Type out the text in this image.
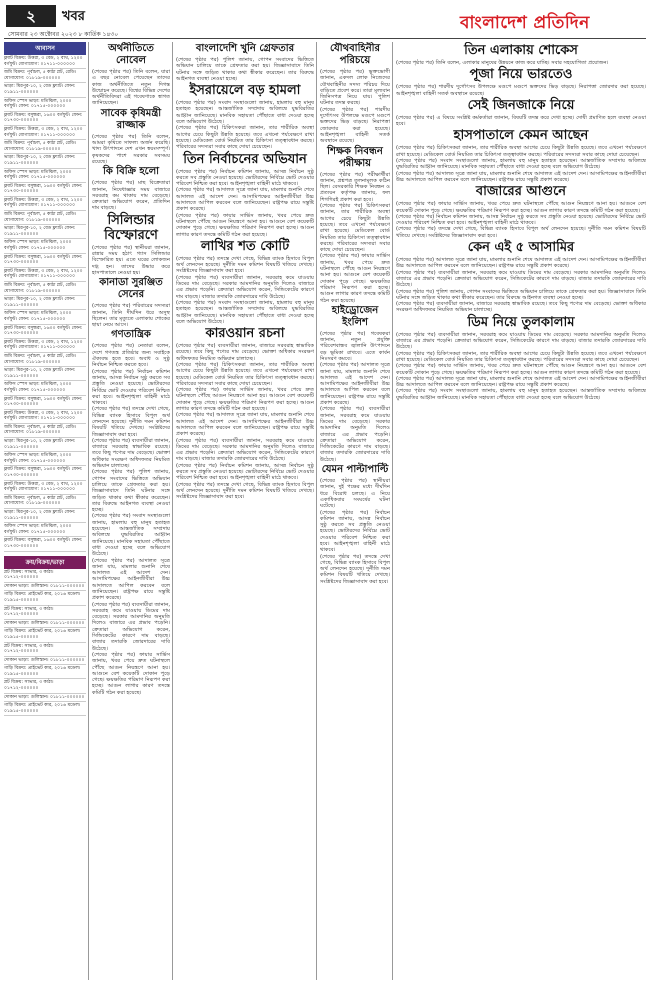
২	খবর	বাংলাদেশ প্রতিদিন
সোমবার ২৩ অক্টোবর ২০২৩ ৮ কার্তিক ১৪৩০
আবাসন
ফ্ল্যাট বিক্রয়: উত্তরা, ৩ বেড, ২ বাথ, ১২০০ বর্গফুট। যোগাযোগ: ০১৭১১-০০০০০০
জমি বিক্রয়: পূর্বাচল, ৫ কাঠা প্লট, রেডি। যোগাযোগ: ০১৮১৯-০০০০০০
ভাড়া: মিরপুর-১০, ২ বেড ফ্ল্যাট। ফোন: ০১৯১১-০০০০০০
অফিস স্পেস ভাড়া: মতিঝিল, ২০০০ বর্গফুট। ফোন: ০১৭১৫-০০০০০০
ফ্ল্যাট বিক্রয়: বসুন্ধরা, ১৬০০ বর্গফুট। ফোন: ০১৭৩০-০০০০০০
ফ্ল্যাট বিক্রয়: উত্তরা, ৩ বেড, ২ বাথ, ১২০০ বর্গফুট। যোগাযোগ: ০১৭১১-০০০০০০
জমি বিক্রয়: পূর্বাচল, ৫ কাঠা প্লট, রেডি। যোগাযোগ: ০১৮১৯-০০০০০০
ভাড়া: মিরপুর-১০, ২ বেড ফ্ল্যাট। ফোন: ০১৯১১-০০০০০০
অফিস স্পেস ভাড়া: মতিঝিল, ২০০০ বর্গফুট। ফোন: ০১৭১৫-০০০০০০
ফ্ল্যাট বিক্রয়: বসুন্ধরা, ১৬০০ বর্গফুট। ফোন: ০১৭৩০-০০০০০০
ফ্ল্যাট বিক্রয়: উত্তরা, ৩ বেড, ২ বাথ, ১২০০ বর্গফুট। যোগাযোগ: ০১৭১১-০০০০০০
জমি বিক্রয়: পূর্বাচল, ৫ কাঠা প্লট, রেডি। যোগাযোগ: ০১৮১৯-০০০০০০
ভাড়া: মিরপুর-১০, ২ বেড ফ্ল্যাট। ফোন: ০১৯১১-০০০০০০
অফিস স্পেস ভাড়া: মতিঝিল, ২০০০ বর্গফুট। ফোন: ০১৭১৫-০০০০০০
ফ্ল্যাট বিক্রয়: বসুন্ধরা, ১৬০০ বর্গফুট। ফোন: ০১৭৩০-০০০০০০
ফ্ল্যাট বিক্রয়: উত্তরা, ৩ বেড, ২ বাথ, ১২০০ বর্গফুট। যোগাযোগ: ০১৭১১-০০০০০০
জমি বিক্রয়: পূর্বাচল, ৫ কাঠা প্লট, রেডি। যোগাযোগ: ০১৮১৯-০০০০০০
ভাড়া: মিরপুর-১০, ২ বেড ফ্ল্যাট। ফোন: ০১৯১১-০০০০০০
অফিস স্পেস ভাড়া: মতিঝিল, ২০০০ বর্গফুট। ফোন: ০১৭১৫-০০০০০০
ফ্ল্যাট বিক্রয়: বসুন্ধরা, ১৬০০ বর্গফুট। ফোন: ০১৭৩০-০০০০০০
ফ্ল্যাট বিক্রয়: উত্তরা, ৩ বেড, ২ বাথ, ১২০০ বর্গফুট। যোগাযোগ: ০১৭১১-০০০০০০
জমি বিক্রয়: পূর্বাচল, ৫ কাঠা প্লট, রেডি। যোগাযোগ: ০১৮১৯-০০০০০০
ভাড়া: মিরপুর-১০, ২ বেড ফ্ল্যাট। ফোন: ০১৯১১-০০০০০০
অফিস স্পেস ভাড়া: মতিঝিল, ২০০০ বর্গফুট। ফোন: ০১৭১৫-০০০০০০
ফ্ল্যাট বিক্রয়: বসুন্ধরা, ১৬০০ বর্গফুট। ফোন: ০১৭৩০-০০০০০০
ফ্ল্যাট বিক্রয়: উত্তরা, ৩ বেড, ২ বাথ, ১২০০ বর্গফুট। যোগাযোগ: ০১৭১১-০০০০০০
জমি বিক্রয়: পূর্বাচল, ৫ কাঠা প্লট, রেডি। যোগাযোগ: ০১৮১৯-০০০০০০
ভাড়া: মিরপুর-১০, ২ বেড ফ্ল্যাট। ফোন: ০১৯১১-০০০০০০
অফিস স্পেস ভাড়া: মতিঝিল, ২০০০ বর্গফুট। ফোন: ০১৭১৫-০০০০০০
ফ্ল্যাট বিক্রয়: বসুন্ধরা, ১৬০০ বর্গফুট। ফোন: ০১৭৩০-০০০০০০
ফ্ল্যাট বিক্রয়: উত্তরা, ৩ বেড, ২ বাথ, ১২০০ বর্গফুট। যোগাযোগ: ০১৭১১-০০০০০০
জমি বিক্রয়: পূর্বাচল, ৫ কাঠা প্লট, রেডি। যোগাযোগ: ০১৮১৯-০০০০০০
ভাড়া: মিরপুর-১০, ২ বেড ফ্ল্যাট। ফোন: ০১৯১১-০০০০০০
অফিস স্পেস ভাড়া: মতিঝিল, ২০০০ বর্গফুট। ফোন: ০১৭১৫-০০০০০০
ফ্ল্যাট বিক্রয়: বসুন্ধরা, ১৬০০ বর্গফুট। ফোন: ০১৭৩০-০০০০০০
ক্রয়/বিক্রয়/ভাড়া
প্লট বিক্রয়: সাভার, ৩ কাঠা। ০১৭১২-০০০০০০
দোকান ভাড়া: গুলিস্তান। ০১৮১১-০০০০০০
গাড়ি বিক্রয়: প্রাইভেট কার, ২০১৬ মডেল। ০১৯১৫-০০০০০০
প্লট বিক্রয়: সাভার, ৩ কাঠা। ০১৭১২-০০০০০০
দোকান ভাড়া: গুলিস্তান। ০১৮১১-০০০০০০
গাড়ি বিক্রয়: প্রাইভেট কার, ২০১৬ মডেল। ০১৯১৫-০০০০০০
প্লট বিক্রয়: সাভার, ৩ কাঠা। ০১৭১২-০০০০০০
দোকান ভাড়া: গুলিস্তান। ০১৮১১-০০০০০০
গাড়ি বিক্রয়: প্রাইভেট কার, ২০১৬ মডেল। ০১৯১৫-০০০০০০
প্লট বিক্রয়: সাভার, ৩ কাঠা। ০১৭১২-০০০০০০
দোকান ভাড়া: গুলিস্তান। ০১৮১১-০০০০০০
গাড়ি বিক্রয়: প্রাইভেট কার, ২০১৬ মডেল। ০১৯১৫-০০০০০০
অর্থনীতিতে নোবেল
(শেষের পৃষ্ঠার পর) তিনি বলেন, যারা এ বছর নোবেল পেয়েছেন তাদের কাজ অর্থনীতিতে নতুন দিগন্ত উন্মোচন করেছে। বিশ্বের বিভিন্ন দেশের অর্থনীতিবিদরা এই গবেষণাকে স্বাগত জানিয়েছেন।
সাবেক কৃষিমন্ত্রী রাজ্জাক
(শেষের পৃষ্ঠার পর) তিনি বলেন, আমরা কৃষিতে সাফল্য অর্জন করেছি। খাদ্য উৎপাদনে দেশ এখন স্বয়ংসম্পূর্ণ। কৃষকদের পাশে সরকার সবসময় রয়েছে।
কি বিক্রি হলো
(শেষের পৃষ্ঠার পর) মাছ বিক্রেতারা জানান, নিষেধাজ্ঞার সময় বাজারে সরবরাহ কম থাকায় দাম বেড়েছে। ক্রেতারা অভিযোগ করেন, প্রতিদিন দাম বাড়ছে।
সিলিন্ডার বিস্ফোরণে
(শেষের পৃষ্ঠার পর) স্থানীয়রা জানান, রান্নার সময় হঠাৎ গ্যাস সিলিন্ডার বিস্ফোরিত হয়। এতে ঘরের লোকজন দগ্ধ হন। তাদের উদ্ধার করে হাসপাতালে নেওয়া হয়।
কানাডা সুরঞ্জিত সেনের
(শেষের পৃষ্ঠার পর) পরিবারের সদস্যরা জানান, তিনি দীর্ঘদিন ধরে অসুস্থ ছিলেন। তার মৃত্যুতে এলাকায় শোকের ছায়া নেমে আসে।
গণতান্ত্রিক
(শেষের পৃষ্ঠার পর) নেতারা বলেন, দেশে গণতন্ত্র প্রতিষ্ঠার জন্য সবাইকে ঐক্যবদ্ধ হতে হবে। অবাধ ও সুষ্ঠু নির্বাচন নিশ্চিত করতে হবে।
(শেষের পৃষ্ঠার পর) নির্বাচন কমিশন জানায়, আসন্ন নির্বাচন সুষ্ঠু করতে সব প্রস্তুতি নেওয়া হয়েছে। ভোটারদের নির্বিঘ্নে ভোট দেওয়ার পরিবেশ নিশ্চিত করা হবে। আইনশৃঙ্খলা বাহিনী মাঠে থাকবে।
(শেষের পৃষ্ঠার পর) তদন্তে দেখা গেছে, বিভিন্ন ব্যাংক হিসাবে বিপুল অর্থ লেনদেন হয়েছে। দুর্নীতি দমন কমিশন বিষয়টি খতিয়ে দেখছে। সংশ্লিষ্টদের জিজ্ঞাসাবাদ করা হবে।
(শেষের পৃষ্ঠার পর) ব্যবসায়ীরা জানান, বাজারে সরবরাহ স্বাভাবিক রয়েছে। তবে কিছু পণ্যের দাম বেড়েছে। ভোক্তা অধিকার সংরক্ষণ অধিদফতর নিয়মিত অভিযান চালাচ্ছে।
(শেষের পৃষ্ঠার পর) পুলিশ জানায়, গোপন সংবাদের ভিত্তিতে অভিযান চালিয়ে তাকে গ্রেফতার করা হয়। জিজ্ঞাসাবাদে তিনি ঘটনার সঙ্গে জড়িত থাকার কথা স্বীকার করেছেন। তার বিরুদ্ধে আইনগত ব্যবস্থা নেওয়া হচ্ছে।
(শেষের পৃষ্ঠার পর) সংবাদ সংস্থাগুলো জানায়, হামলায় বহু মানুষ হতাহত হয়েছেন। আন্তর্জাতিক সম্প্রদায় অবিলম্বে যুদ্ধবিরতির আহ্বান জানিয়েছে। মানবিক সহায়তা পৌঁছাতে বাধা দেওয়া হচ্ছে বলে অভিযোগ উঠেছে।
(শেষের পৃষ্ঠার পর) আদালত সূত্রে জানা যায়, মামলার শুনানি শেষে আদালত এই আদেশ দেন। আসামিপক্ষের আইনজীবীরা উচ্চ আদালতে আপিল করবেন বলে জানিয়েছেন। রাষ্ট্রপক্ষ রায়ে সন্তুষ্টি প্রকাশ করেছে।
(শেষের পৃষ্ঠার পর) ব্যবসায়ীরা জানান, সরবরাহ কমে যাওয়ায় ডিমের দাম বেড়েছে। সরকার আমদানির অনুমতি দিলেও বাজারে এর প্রভাব পড়েনি। ক্রেতারা অভিযোগ করেন, সিন্ডিকেটের কারণে দাম বাড়ছে। বাজার তদারকি জোরদারের দাবি উঠেছে।
(শেষের পৃষ্ঠার পর) ফায়ার সার্ভিস জানায়, খবর পেয়ে দ্রুত ঘটনাস্থলে পৌঁছে আগুন নিয়ন্ত্রণে আনা হয়। আগুনে বেশ কয়েকটি দোকান পুড়ে গেছে। ক্ষয়ক্ষতির পরিমাণ নিরূপণ করা হচ্ছে। আগুন লাগার কারণ তদন্তে কমিটি গঠন করা হয়েছে।
বাংলাদেশি খুনি গ্রেফতার
(শেষের পৃষ্ঠার পর) পুলিশ জানায়, গোপন সংবাদের ভিত্তিতে অভিযান চালিয়ে তাকে গ্রেফতার করা হয়। জিজ্ঞাসাবাদে তিনি ঘটনার সঙ্গে জড়িত থাকার কথা স্বীকার করেছেন। তার বিরুদ্ধে আইনগত ব্যবস্থা নেওয়া হচ্ছে।
ইসরায়েলে বড় হামলা
(শেষের পৃষ্ঠার পর) সংবাদ সংস্থাগুলো জানায়, হামলায় বহু মানুষ হতাহত হয়েছেন। আন্তর্জাতিক সম্প্রদায় অবিলম্বে যুদ্ধবিরতির আহ্বান জানিয়েছে। মানবিক সহায়তা পৌঁছাতে বাধা দেওয়া হচ্ছে বলে অভিযোগ উঠেছে।
(শেষের পৃষ্ঠার পর) চিকিৎসকরা জানান, তার শারীরিক অবস্থা আগের চেয়ে কিছুটা উন্নতি হয়েছে। তবে এখনো পর্যবেক্ষণে রাখা হয়েছে। মেডিকেল বোর্ড নিয়মিত তার চিকিৎসা তত্ত্বাবধান করছে। পরিবারের সদস্যরা সবার কাছে দোয়া চেয়েছেন।
তিন নির্বাচনের অভিযান
(শেষের পৃষ্ঠার পর) নির্বাচন কমিশন জানায়, আসন্ন নির্বাচন সুষ্ঠু করতে সব প্রস্তুতি নেওয়া হয়েছে। ভোটারদের নির্বিঘ্নে ভোট দেওয়ার পরিবেশ নিশ্চিত করা হবে। আইনশৃঙ্খলা বাহিনী মাঠে থাকবে।
(শেষের পৃষ্ঠার পর) আদালত সূত্রে জানা যায়, মামলার শুনানি শেষে আদালত এই আদেশ দেন। আসামিপক্ষের আইনজীবীরা উচ্চ আদালতে আপিল করবেন বলে জানিয়েছেন। রাষ্ট্রপক্ষ রায়ে সন্তুষ্টি প্রকাশ করেছে।
(শেষের পৃষ্ঠার পর) ফায়ার সার্ভিস জানায়, খবর পেয়ে দ্রুত ঘটনাস্থলে পৌঁছে আগুন নিয়ন্ত্রণে আনা হয়। আগুনে বেশ কয়েকটি দোকান পুড়ে গেছে। ক্ষয়ক্ষতির পরিমাণ নিরূপণ করা হচ্ছে। আগুন লাগার কারণ তদন্তে কমিটি গঠন করা হয়েছে।
লাখির শত কোটি
(শেষের পৃষ্ঠার পর) তদন্তে দেখা গেছে, বিভিন্ন ব্যাংক হিসাবে বিপুল অর্থ লেনদেন হয়েছে। দুর্নীতি দমন কমিশন বিষয়টি খতিয়ে দেখছে। সংশ্লিষ্টদের জিজ্ঞাসাবাদ করা হবে।
(শেষের পৃষ্ঠার পর) ব্যবসায়ীরা জানান, সরবরাহ কমে যাওয়ায় ডিমের দাম বেড়েছে। সরকার আমদানির অনুমতি দিলেও বাজারে এর প্রভাব পড়েনি। ক্রেতারা অভিযোগ করেন, সিন্ডিকেটের কারণে দাম বাড়ছে। বাজার তদারকি জোরদারের দাবি উঠেছে।
(শেষের পৃষ্ঠার পর) সংবাদ সংস্থাগুলো জানায়, হামলায় বহু মানুষ হতাহত হয়েছেন। আন্তর্জাতিক সম্প্রদায় অবিলম্বে যুদ্ধবিরতির আহ্বান জানিয়েছে। মানবিক সহায়তা পৌঁছাতে বাধা দেওয়া হচ্ছে বলে অভিযোগ উঠেছে।
কারওয়ান রচনা
(শেষের পৃষ্ঠার পর) ব্যবসায়ীরা জানান, বাজারে সরবরাহ স্বাভাবিক রয়েছে। তবে কিছু পণ্যের দাম বেড়েছে। ভোক্তা অধিকার সংরক্ষণ অধিদফতর নিয়মিত অভিযান চালাচ্ছে।
(শেষের পৃষ্ঠার পর) চিকিৎসকরা জানান, তার শারীরিক অবস্থা আগের চেয়ে কিছুটা উন্নতি হয়েছে। তবে এখনো পর্যবেক্ষণে রাখা হয়েছে। মেডিকেল বোর্ড নিয়মিত তার চিকিৎসা তত্ত্বাবধান করছে। পরিবারের সদস্যরা সবার কাছে দোয়া চেয়েছেন।
(শেষের পৃষ্ঠার পর) ফায়ার সার্ভিস জানায়, খবর পেয়ে দ্রুত ঘটনাস্থলে পৌঁছে আগুন নিয়ন্ত্রণে আনা হয়। আগুনে বেশ কয়েকটি দোকান পুড়ে গেছে। ক্ষয়ক্ষতির পরিমাণ নিরূপণ করা হচ্ছে। আগুন লাগার কারণ তদন্তে কমিটি গঠন করা হয়েছে।
(শেষের পৃষ্ঠার পর) আদালত সূত্রে জানা যায়, মামলার শুনানি শেষে আদালত এই আদেশ দেন। আসামিপক্ষের আইনজীবীরা উচ্চ আদালতে আপিল করবেন বলে জানিয়েছেন। রাষ্ট্রপক্ষ রায়ে সন্তুষ্টি প্রকাশ করেছে।
(শেষের পৃষ্ঠার পর) ব্যবসায়ীরা জানান, সরবরাহ কমে যাওয়ায় ডিমের দাম বেড়েছে। সরকার আমদানির অনুমতি দিলেও বাজারে এর প্রভাব পড়েনি। ক্রেতারা অভিযোগ করেন, সিন্ডিকেটের কারণে দাম বাড়ছে। বাজার তদারকি জোরদারের দাবি উঠেছে।
(শেষের পৃষ্ঠার পর) নির্বাচন কমিশন জানায়, আসন্ন নির্বাচন সুষ্ঠু করতে সব প্রস্তুতি নেওয়া হয়েছে। ভোটারদের নির্বিঘ্নে ভোট দেওয়ার পরিবেশ নিশ্চিত করা হবে। আইনশৃঙ্খলা বাহিনী মাঠে থাকবে।
(শেষের পৃষ্ঠার পর) তদন্তে দেখা গেছে, বিভিন্ন ব্যাংক হিসাবে বিপুল অর্থ লেনদেন হয়েছে। দুর্নীতি দমন কমিশন বিষয়টি খতিয়ে দেখছে। সংশ্লিষ্টদের জিজ্ঞাসাবাদ করা হবে।
যৌথবাহিনীর পরিচয়ে
(শেষের পৃষ্ঠার পর) ভুক্তভোগী জানান, একদল লোক নিজেদের যৌথবাহিনীর সদস্য পরিচয় দিয়ে বাড়িতে প্রবেশ করে। তারা মূল্যবান জিনিসপত্র নিয়ে যায়। পুলিশ ঘটনার তদন্ত করছে।
(শেষের পৃষ্ঠার পর) শারদীয় দুর্গোৎসব উপলক্ষে মণ্ডপে মণ্ডপে ভক্তদের ভিড় বাড়ছে। নিরাপত্তা জোরদার করা হয়েছে। আইনশৃঙ্খলা বাহিনী সতর্ক অবস্থানে রয়েছে।
শিক্ষক নিবন্ধন পরীক্ষায়
(শেষের পৃষ্ঠার পর) পরীক্ষার্থীরা জানান, প্রশ্নপত্র তুলনামূলক কঠিন ছিল। বেসরকারি শিক্ষক নিবন্ধন ও প্রত্যয়ন কর্তৃপক্ষ জানায়, ফল শিগগিরই প্রকাশ করা হবে।
(শেষের পৃষ্ঠার পর) চিকিৎসকরা জানান, তার শারীরিক অবস্থা আগের চেয়ে কিছুটা উন্নতি হয়েছে। তবে এখনো পর্যবেক্ষণে রাখা হয়েছে। মেডিকেল বোর্ড নিয়মিত তার চিকিৎসা তত্ত্বাবধান করছে। পরিবারের সদস্যরা সবার কাছে দোয়া চেয়েছেন।
(শেষের পৃষ্ঠার পর) ফায়ার সার্ভিস জানায়, খবর পেয়ে দ্রুত ঘটনাস্থলে পৌঁছে আগুন নিয়ন্ত্রণে আনা হয়। আগুনে বেশ কয়েকটি দোকান পুড়ে গেছে। ক্ষয়ক্ষতির পরিমাণ নিরূপণ করা হচ্ছে। আগুন লাগার কারণ তদন্তে কমিটি গঠন করা হয়েছে।
হাইড্রোজেন ইংলিশ
(শেষের পৃষ্ঠার পর) গবেষকরা জানান, নতুন প্রযুক্তি পরিবেশবান্ধব জ্বালানি উৎপাদনে বড় ভূমিকা রাখবে। এতে কার্বন নিঃসরণ কমবে।
(শেষের পৃষ্ঠার পর) আদালত সূত্রে জানা যায়, মামলার শুনানি শেষে আদালত এই আদেশ দেন। আসামিপক্ষের আইনজীবীরা উচ্চ আদালতে আপিল করবেন বলে জানিয়েছেন। রাষ্ট্রপক্ষ রায়ে সন্তুষ্টি প্রকাশ করেছে।
(শেষের পৃষ্ঠার পর) ব্যবসায়ীরা জানান, সরবরাহ কমে যাওয়ায় ডিমের দাম বেড়েছে। সরকার আমদানির অনুমতি দিলেও বাজারে এর প্রভাব পড়েনি। ক্রেতারা অভিযোগ করেন, সিন্ডিকেটের কারণে দাম বাড়ছে। বাজার তদারকি জোরদারের দাবি উঠেছে।
যেমন পাল্টাপাল্টি
(শেষের পৃষ্ঠার পর) স্থানীয়রা জানান, দুই পক্ষের মধ্যে দীর্ঘদিন ধরে বিরোধ চলছে। এ নিয়ে একাধিকবার সংঘর্ষের ঘটনা ঘটেছে।
(শেষের পৃষ্ঠার পর) নির্বাচন কমিশন জানায়, আসন্ন নির্বাচন সুষ্ঠু করতে সব প্রস্তুতি নেওয়া হয়েছে। ভোটারদের নির্বিঘ্নে ভোট দেওয়ার পরিবেশ নিশ্চিত করা হবে। আইনশৃঙ্খলা বাহিনী মাঠে থাকবে।
(শেষের পৃষ্ঠার পর) তদন্তে দেখা গেছে, বিভিন্ন ব্যাংক হিসাবে বিপুল অর্থ লেনদেন হয়েছে। দুর্নীতি দমন কমিশন বিষয়টি খতিয়ে দেখছে। সংশ্লিষ্টদের জিজ্ঞাসাবাদ করা হবে।
তিন এলাকায় শোকেস
(শেষের পৃষ্ঠার পর) তিনি বলেন, এলাকার মানুষের উন্নয়নে কাজ করে যাচ্ছি। সবার সহযোগিতা প্রয়োজন।
পূজা নিয়ে ভারতেও
(শেষের পৃষ্ঠার পর) শারদীয় দুর্গোৎসব উপলক্ষে মণ্ডপে মণ্ডপে ভক্তদের ভিড় বাড়ছে। নিরাপত্তা জোরদার করা হয়েছে। আইনশৃঙ্খলা বাহিনী সতর্ক অবস্থানে রয়েছে।
সেই জিনজাকে নিয়ে
(শেষের পৃষ্ঠার পর) এ বিষয়ে সংশ্লিষ্ট কর্মকর্তারা জানান, বিষয়টি তদন্ত করে দেখা হচ্ছে। দোষী প্রমাণিত হলে ব্যবস্থা নেওয়া হবে।
হাসপাতালে কেমন আছেন
(শেষের পৃষ্ঠার পর) চিকিৎসকরা জানান, তার শারীরিক অবস্থা আগের চেয়ে কিছুটা উন্নতি হয়েছে। তবে এখনো পর্যবেক্ষণে রাখা হয়েছে। মেডিকেল বোর্ড নিয়মিত তার চিকিৎসা তত্ত্বাবধান করছে। পরিবারের সদস্যরা সবার কাছে দোয়া চেয়েছেন।
(শেষের পৃষ্ঠার পর) সংবাদ সংস্থাগুলো জানায়, হামলায় বহু মানুষ হতাহত হয়েছেন। আন্তর্জাতিক সম্প্রদায় অবিলম্বে যুদ্ধবিরতির আহ্বান জানিয়েছে। মানবিক সহায়তা পৌঁছাতে বাধা দেওয়া হচ্ছে বলে অভিযোগ উঠেছে।
(শেষের পৃষ্ঠার পর) আদালত সূত্রে জানা যায়, মামলার শুনানি শেষে আদালত এই আদেশ দেন। আসামিপক্ষের আইনজীবীরা উচ্চ আদালতে আপিল করবেন বলে জানিয়েছেন। রাষ্ট্রপক্ষ রায়ে সন্তুষ্টি প্রকাশ করেছে।
বাজারের আগুনে
(শেষের পৃষ্ঠার পর) ফায়ার সার্ভিস জানায়, খবর পেয়ে দ্রুত ঘটনাস্থলে পৌঁছে আগুন নিয়ন্ত্রণে আনা হয়। আগুনে বেশ কয়েকটি দোকান পুড়ে গেছে। ক্ষয়ক্ষতির পরিমাণ নিরূপণ করা হচ্ছে। আগুন লাগার কারণ তদন্তে কমিটি গঠন করা হয়েছে।
(শেষের পৃষ্ঠার পর) নির্বাচন কমিশন জানায়, আসন্ন নির্বাচন সুষ্ঠু করতে সব প্রস্তুতি নেওয়া হয়েছে। ভোটারদের নির্বিঘ্নে ভোট দেওয়ার পরিবেশ নিশ্চিত করা হবে। আইনশৃঙ্খলা বাহিনী মাঠে থাকবে।
(শেষের পৃষ্ঠার পর) তদন্তে দেখা গেছে, বিভিন্ন ব্যাংক হিসাবে বিপুল অর্থ লেনদেন হয়েছে। দুর্নীতি দমন কমিশন বিষয়টি খতিয়ে দেখছে। সংশ্লিষ্টদের জিজ্ঞাসাবাদ করা হবে।
কেন এই ৫ আসামির
(শেষের পৃষ্ঠার পর) আদালত সূত্রে জানা যায়, মামলার শুনানি শেষে আদালত এই আদেশ দেন। আসামিপক্ষের আইনজীবীরা উচ্চ আদালতে আপিল করবেন বলে জানিয়েছেন। রাষ্ট্রপক্ষ রায়ে সন্তুষ্টি প্রকাশ করেছে।
(শেষের পৃষ্ঠার পর) ব্যবসায়ীরা জানান, সরবরাহ কমে যাওয়ায় ডিমের দাম বেড়েছে। সরকার আমদানির অনুমতি দিলেও বাজারে এর প্রভাব পড়েনি। ক্রেতারা অভিযোগ করেন, সিন্ডিকেটের কারণে দাম বাড়ছে। বাজার তদারকি জোরদারের দাবি উঠেছে।
(শেষের পৃষ্ঠার পর) পুলিশ জানায়, গোপন সংবাদের ভিত্তিতে অভিযান চালিয়ে তাকে গ্রেফতার করা হয়। জিজ্ঞাসাবাদে তিনি ঘটনার সঙ্গে জড়িত থাকার কথা স্বীকার করেছেন। তার বিরুদ্ধে আইনগত ব্যবস্থা নেওয়া হচ্ছে।
(শেষের পৃষ্ঠার পর) ব্যবসায়ীরা জানান, বাজারে সরবরাহ স্বাভাবিক রয়েছে। তবে কিছু পণ্যের দাম বেড়েছে। ভোক্তা অধিকার সংরক্ষণ অধিদফতর নিয়মিত অভিযান চালাচ্ছে।
ডিম নিয়ে তুলকালাম
(শেষের পৃষ্ঠার পর) ব্যবসায়ীরা জানান, সরবরাহ কমে যাওয়ায় ডিমের দাম বেড়েছে। সরকার আমদানির অনুমতি দিলেও বাজারে এর প্রভাব পড়েনি। ক্রেতারা অভিযোগ করেন, সিন্ডিকেটের কারণে দাম বাড়ছে। বাজার তদারকি জোরদারের দাবি উঠেছে।
(শেষের পৃষ্ঠার পর) চিকিৎসকরা জানান, তার শারীরিক অবস্থা আগের চেয়ে কিছুটা উন্নতি হয়েছে। তবে এখনো পর্যবেক্ষণে রাখা হয়েছে। মেডিকেল বোর্ড নিয়মিত তার চিকিৎসা তত্ত্বাবধান করছে। পরিবারের সদস্যরা সবার কাছে দোয়া চেয়েছেন।
(শেষের পৃষ্ঠার পর) ফায়ার সার্ভিস জানায়, খবর পেয়ে দ্রুত ঘটনাস্থলে পৌঁছে আগুন নিয়ন্ত্রণে আনা হয়। আগুনে বেশ কয়েকটি দোকান পুড়ে গেছে। ক্ষয়ক্ষতির পরিমাণ নিরূপণ করা হচ্ছে। আগুন লাগার কারণ তদন্তে কমিটি গঠন করা হয়েছে।
(শেষের পৃষ্ঠার পর) আদালত সূত্রে জানা যায়, মামলার শুনানি শেষে আদালত এই আদেশ দেন। আসামিপক্ষের আইনজীবীরা উচ্চ আদালতে আপিল করবেন বলে জানিয়েছেন। রাষ্ট্রপক্ষ রায়ে সন্তুষ্টি প্রকাশ করেছে।
(শেষের পৃষ্ঠার পর) সংবাদ সংস্থাগুলো জানায়, হামলায় বহু মানুষ হতাহত হয়েছেন। আন্তর্জাতিক সম্প্রদায় অবিলম্বে যুদ্ধবিরতির আহ্বান জানিয়েছে। মানবিক সহায়তা পৌঁছাতে বাধা দেওয়া হচ্ছে বলে অভিযোগ উঠেছে।
